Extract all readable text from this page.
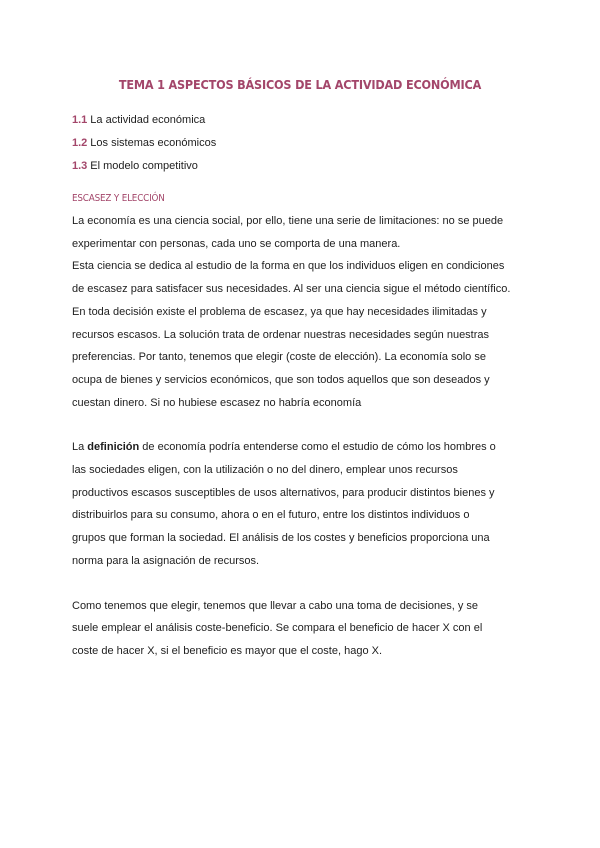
TEMA 1 ASPECTOS BÁSICOS DE LA ACTIVIDAD ECONÓMICA
1.1 La actividad económica
1.2 Los sistemas económicos
1.3 El modelo competitivo
ESCASEZ Y ELECCIÓN
La economía es una ciencia social, por ello, tiene una serie de limitaciones: no se puede
experimentar con personas, cada uno se comporta de una manera.
Esta ciencia se dedica al estudio de la forma en que los individuos eligen en condiciones
de escasez para satisfacer sus necesidades. Al ser una ciencia sigue el método científico.
En toda decisión existe el problema de escasez, ya que hay necesidades ilimitadas y
recursos escasos. La solución trata de ordenar nuestras necesidades según nuestras
preferencias. Por tanto, tenemos que elegir (coste de elección). La economía solo se
ocupa de bienes y servicios económicos, que son todos aquellos que son deseados y
cuestan dinero. Si no hubiese escasez no habría economía
La definición de economía podría entenderse como el estudio de cómo los hombres o
las sociedades eligen, con la utilización o no del dinero, emplear unos recursos
productivos escasos susceptibles de usos alternativos, para producir distintos bienes y
distribuirlos para su consumo, ahora o en el futuro, entre los distintos individuos o
grupos que forman la sociedad. El análisis de los costes y beneficios proporciona una
norma para la asignación de recursos.
Como tenemos que elegir, tenemos que llevar a cabo una toma de decisiones, y se
suele emplear el análisis coste-beneficio. Se compara el beneficio de hacer X con el
coste de hacer X, si el beneficio es mayor que el coste, hago X.
